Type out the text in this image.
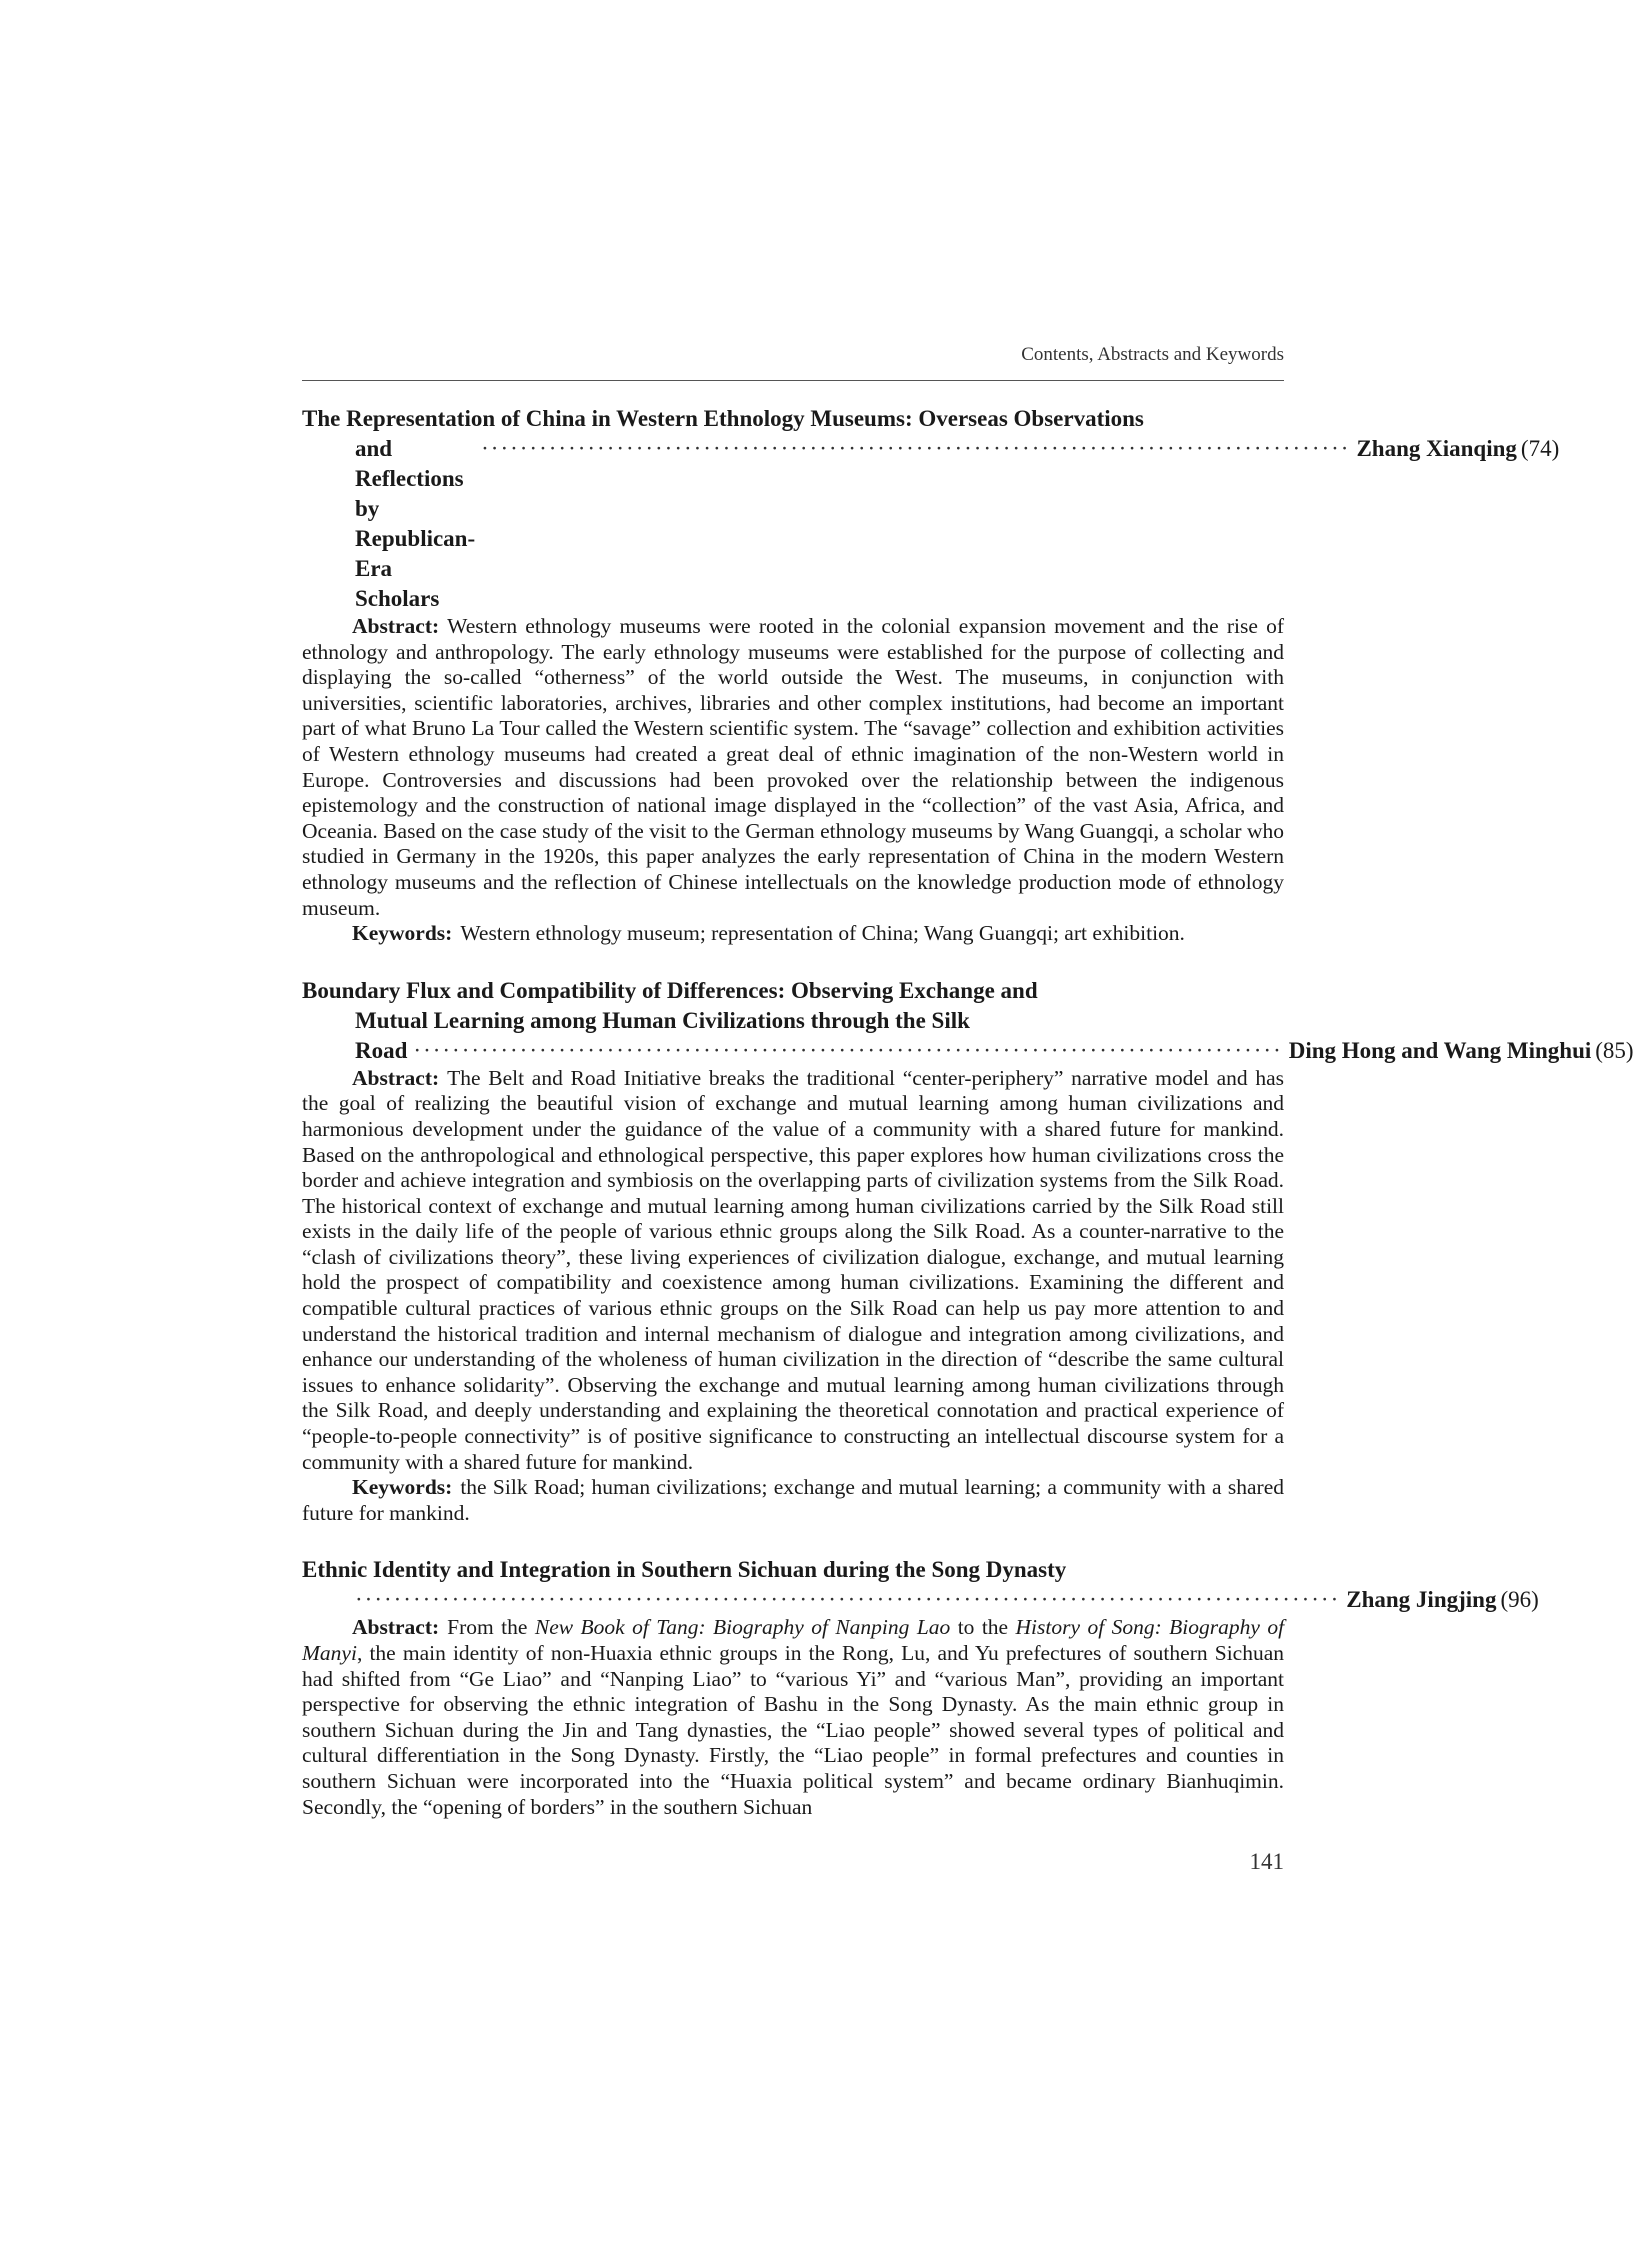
Contents, Abstracts and Keywords
The Representation of China in Western Ethnology Museums: Overseas Observations
and Reflections by Republican-Era Scholars
·························································································· Zhang Xianqing (74)

Abstract: Western ethnology museums were rooted in the colonial expansion movement and the rise of ethnology and anthropology. The early ethnology museums were established for the purpose of collecting and displaying the so-called “otherness” of the world outside the West. The museums, in conjunction with universities, scientific laboratories, archives, libraries and other complex institutions, had become an important part of what Bruno La Tour called the Western scientific system. The “savage” collection and exhibition activities of Western ethnology museums had created a great deal of ethnic imagination of the non-Western world in Europe. Controversies and discussions had been provoked over the relationship between the indigenous epistemology and the construction of national image displayed in the “collection” of the vast Asia, Africa, and Oceania. Based on the case study of the visit to the German ethnology museums by Wang Guangqi, a scholar who studied in Germany in the 1920s, this paper analyzes the early representation of China in the modern Western ethnology museums and the reflection of Chinese intellectuals on the knowledge production mode of ethnology museum.

Keywords: Western ethnology museum; representation of China; Wang Guangqi; art exhibition.

Boundary Flux and Compatibility of Differences: Observing Exchange and
Mutual Learning among Human Civilizations through the Silk
Road ·························································································· Ding Hong and Wang Minghui (85)

Abstract: The Belt and Road Initiative breaks the traditional “center-periphery” narrative model and has the goal of realizing the beautiful vision of exchange and mutual learning among human civilizations and harmonious development under the guidance of the value of a community with a shared future for mankind. Based on the anthropological and ethnological perspective, this paper explores how human civilizations cross the border and achieve integration and symbiosis on the overlapping parts of civilization systems from the Silk Road. The historical context of exchange and mutual learning among human civilizations carried by the Silk Road still exists in the daily life of the people of various ethnic groups along the Silk Road. As a counter-narrative to the “clash of civilizations theory”, these living experiences of civilization dialogue, exchange, and mutual learning hold the prospect of compatibility and coexistence among human civilizations. Examining the different and compatible cultural practices of various ethnic groups on the Silk Road can help us pay more attention to and understand the historical tradition and internal mechanism of dialogue and integration among civilizations, and enhance our understanding of the wholeness of human civilization in the direction of “describe the same cultural issues to enhance solidarity”. Observing the exchange and mutual learning among human civilizations through the Silk Road, and deeply understanding and explaining the theoretical connotation and practical experience of “people-to-people connectivity” is of positive significance to constructing an intellectual discourse system for a community with a shared future for mankind.

Keywords: the Silk Road; human civilizations; exchange and mutual learning; a community with a shared future for mankind.

Ethnic Identity and Integration in Southern Sichuan during the Song Dynasty
······································································································ Zhang Jingjing (96)

Abstract: From the New Book of Tang: Biography of Nanping Lao to the History of Song: Biography of Manyi, the main identity of non-Huaxia ethnic groups in the Rong, Lu, and Yu prefectures of southern Sichuan had shifted from “Ge Liao” and “Nanping Liao” to “various Yi” and “various Man”, providing an important perspective for observing the ethnic integration of Bashu in the Song Dynasty. As the main ethnic group in southern Sichuan during the Jin and Tang dynasties, the “Liao people” showed several types of political and cultural differentiation in the Song Dynasty. Firstly, the “Liao people” in formal prefectures and counties in southern Sichuan were incorporated into the “Huaxia political system” and became ordinary Bianhuqimin. Secondly, the “opening of borders” in the southern Sichuan

141
